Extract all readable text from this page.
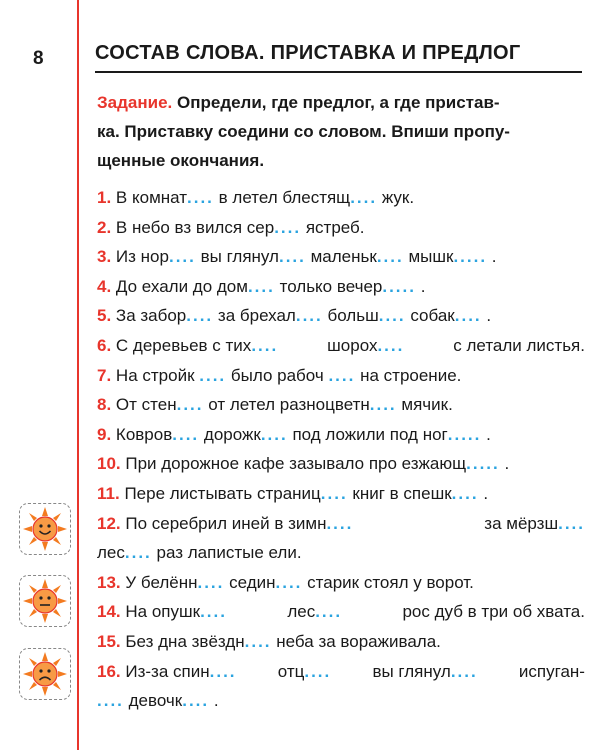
8	СОСТАВ СЛОВА. ПРИСТАВКА И ПРЕДЛОГ
Задание. Определи, где предлог, а где пристав-
ка. Приставку соедини со словом. Впиши пропу-
щенные окончания.
1. В комнат.... в летел блестящ.... жук.
2. В небо вз вился сер.... ястреб.
3. Из нор.... вы глянул.... маленьк.... мышк..... .
4. До ехали до дом.... только вечер..... .
5. За забор.... за брехал.... больш.... собак.... .
6. С деревьев с тих....	шорох....	с летали листья.
7. На стройк .... было рабоч .... на строение.
8. От стен.... от летел разноцветн.... мячик.
9. Ковров.... дорожк.... под ложили под ног..... .
10. При дорожное кафе зазывало про езжающ..... .
11. Пере листывать страниц.... книг в спешк.... .
12. По серебрил иней в зимн....	за мёрзш....
лес.... раз лапистые ели.
13. У белённ.... седин.... старик стоял у ворот.
14. На опушк....	лес....	рос дуб в три об хвата.
15. Без дна звёздн.... неба за вораживала.
16. Из-за спин.... отц.... вы глянул.... испуган-
.... девочк.... .
